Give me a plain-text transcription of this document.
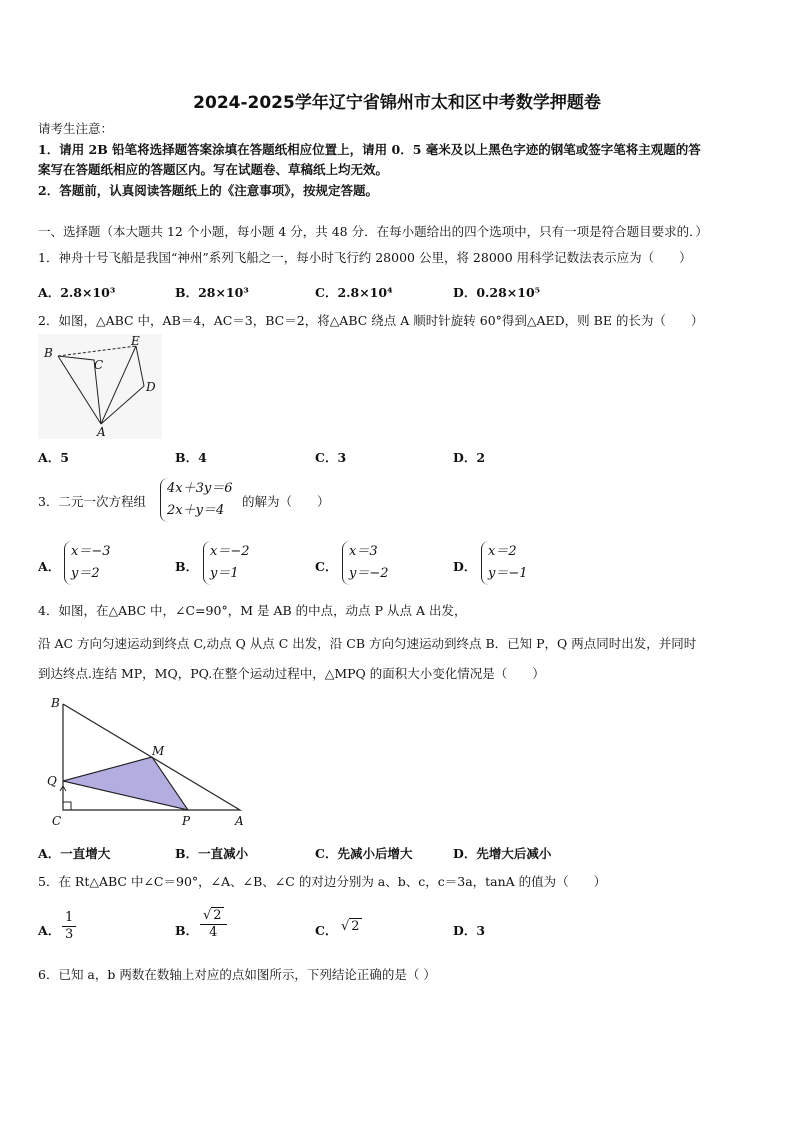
2024-2025学年辽宁省锦州市太和区中考数学押题卷
请考生注意：
1．请用 2B 铅笔将选择题答案涂填在答题纸相应位置上，请用 0．5 毫米及以上黑色字迹的钢笔或签字笔将主观题的答
案写在答题纸相应的答题区内。写在试题卷、草稿纸上均无效。
2．答题前，认真阅读答题纸上的《注意事项》，按规定答题。
一、选择题（本大题共 12 个小题，每小题 4 分，共 48 分．在每小题给出的四个选项中，只有一项是符合题目要求的．）
1．神舟十号飞船是我国“神州”系列飞船之一，每小时飞行约 28000 公里，将 28000 用科学记数法表示应为（　　）
A．2.8×10³	B．28×10³	C．2.8×10⁴	D．0.28×10⁵
2．如图，△ABC 中，AB＝4，AC＝3，BC＝2，将△ABC 绕点 A 顺时针旋转 60°得到△AED，则 BE 的长为（　　）
B
C
E
D
A
A．5	B．4	C．3	D．2
3．二元一次方程组
4x＋3y＝6
2x＋y＝4
的解为（　　）
A．
x＝−3
y＝2	B．
x＝−2
y＝1	C．
x＝3
y＝−2	D．
x＝2
y＝−1
4．如图，在△ABC 中，∠C=90°，M 是 AB 的中点，动点 P 从点 A 出发，
沿 AC 方向匀速运动到终点 C,动点 Q 从点 C 出发，沿 CB 方向匀速运动到终点 B．已知 P，Q 两点同时出发，并同时
到达终点.连结 MP，MQ，PQ.在整个运动过程中，△MPQ 的面积大小变化情况是（　　）
B
M
Q
C	P	A
A．一直增大	B．一直减小	C．先减小后增大	D．先增大后减小
5．在 Rt△ABC 中∠C＝90°，∠A、∠B、∠C 的对边分别为 a、b、c，c＝3a，tanA 的值为（　　）
A． $\frac{1}{3}$	B． $\frac{√ 2}{4}$	C． √ 2	D．3
6．已知 a，b 两数在数轴上对应的点如图所示，下列结论正确的是（ ）
